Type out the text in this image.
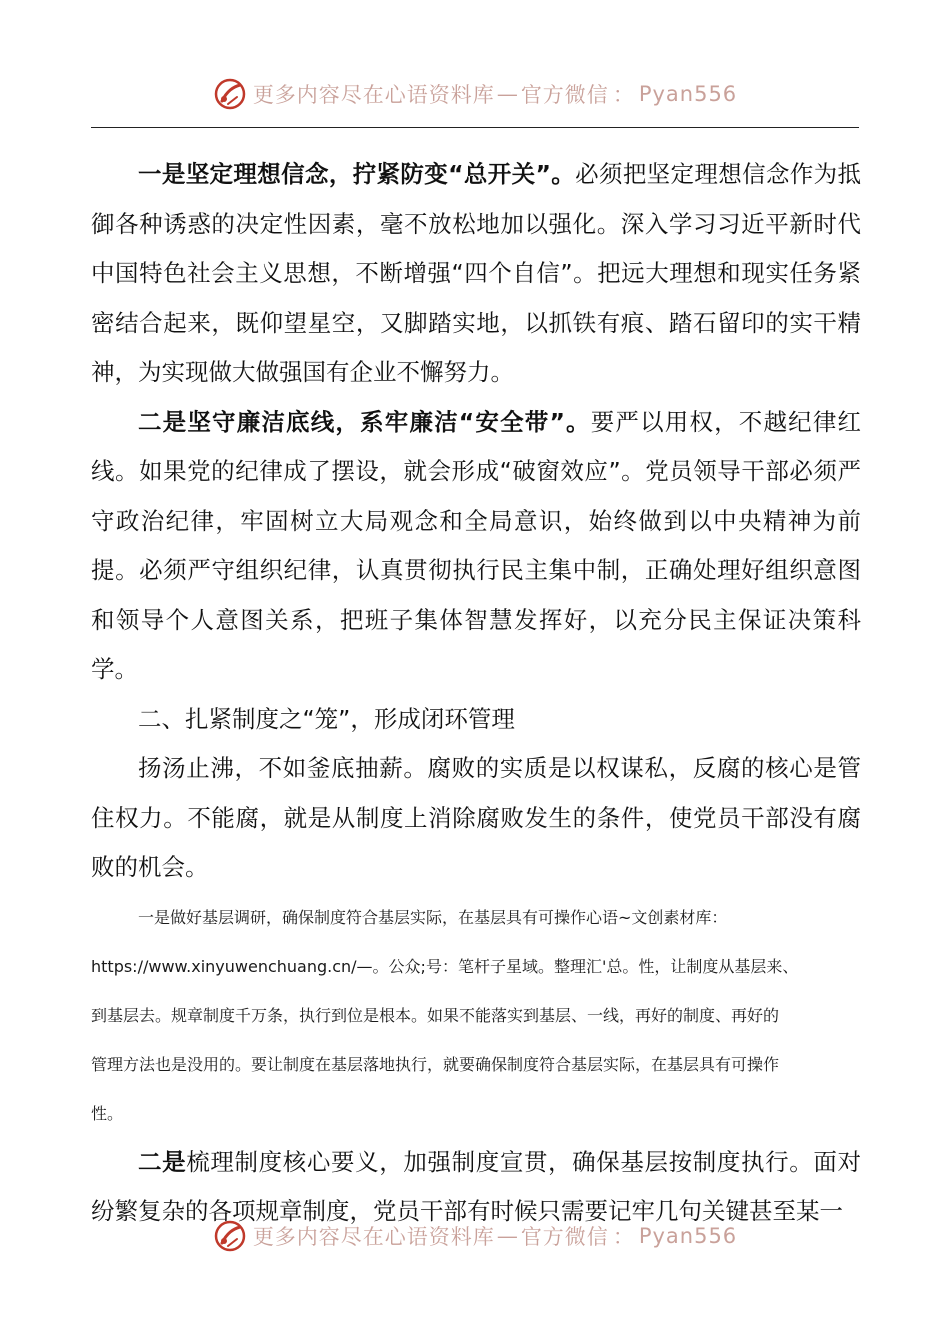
更多内容尽在心语资料库 — 官方微信 ： Pyan556

一是坚定理想信念，拧紧防变“总开关”。必须把坚定理想信念作为抵御各种诱惑的决定性因素，毫不放松地加以强化。深入学习习近平新时代中国特色社会主义思想，不断增强“四个自信”。把远大理想和现实任务紧密结合起来，既仰望星空，又脚踏实地，以抓铁有痕、踏石留印的实干精神，为实现做大做强国有企业不懈努力。

二是坚守廉洁底线，系牢廉洁“安全带”。要严以用权，不越纪律红线。如果党的纪律成了摆设，就会形成“破窗效应”。党员领导干部必须严守政治纪律，牢固树立大局观念和全局意识，始终做到以中央精神为前提。必须严守组织纪律，认真贯彻执行民主集中制，正确处理好组织意图和领导个人意图关系，把班子集体智慧发挥好，以充分民主保证决策科学。

二、扎紧制度之“笼”，形成闭环管理

扬汤止沸，不如釜底抽薪。腐败的实质是以权谋私，反腐的核心是管住权力。不能腐，就是从制度上消除腐败发生的条件，使党员干部没有腐败的机会。

一是做好基层调研，确保制度符合基层实际，在基层具有可操作心语~文创素材库：

https://www.xinyuwenchuang.cn/—。公众;号：笔杆子星域。整理汇'总。性，让制度从基层来、

到基层去。规章制度千万条，执行到位是根本。如果不能落实到基层、一线，再好的制度、再好的

管理方法也是没用的。要让制度在基层落地执行，就要确保制度符合基层实际，在基层具有可操作

性。

二是梳理制度核心要义，加强制度宣贯，确保基层按制度执行。面对纷繁复杂的各项规章制度，党员干部有时候只需要记牢几句关键甚至某一

更多内容尽在心语资料库 — 官方微信 ： Pyan556
